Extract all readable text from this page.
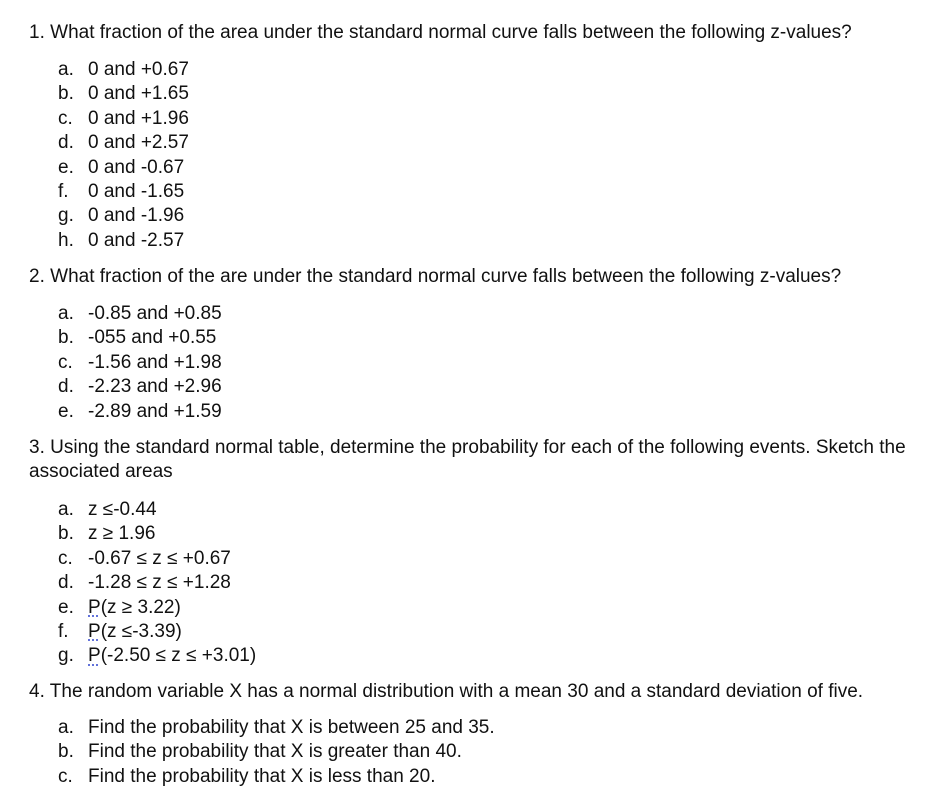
1. What fraction of the area under the standard normal curve falls between the following z-values?
a. 0 and +0.67
b. 0 and +1.65
c. 0 and +1.96
d. 0 and +2.57
e. 0 and -0.67
f. 0 and -1.65
g. 0 and -1.96
h. 0 and -2.57
2. What fraction of the are under the standard normal curve falls between the following z-values?
a. -0.85 and +0.85
b. -055 and +0.55
c. -1.56 and +1.98
d. -2.23 and +2.96
e. -2.89 and +1.59
3. Using the standard normal table, determine the probability for each of the following events. Sketch the associated areas
a. z ≤-0.44
b. z ≥ 1.96
c. -0.67 ≤ z ≤ +0.67
d. -1.28 ≤ z ≤ +1.28
e. P(z ≥ 3.22)
f. P(z ≤-3.39)
g. P(-2.50 ≤ z ≤ +3.01)
4. The random variable X has a normal distribution with a mean 30 and a standard deviation of five.
a. Find the probability that X is between 25 and 35.
b. Find the probability that X is greater than 40.
c. Find the probability that X is less than 20.
